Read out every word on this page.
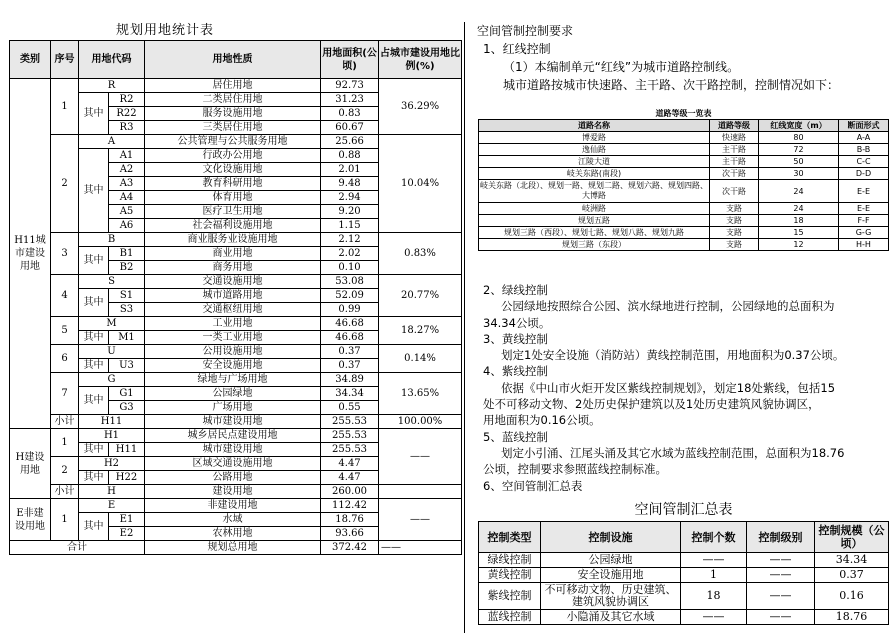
规划用地统计表						
类别	序号	用地代码		用地性质	用地面积(公顷)	占城市建设用地比例(%)
H11城市建设用地	1	R		居住用地	92.73	36.29%
		其中	R2	二类居住用地	31.23	
			R22	服务设施用地	0.83	
			R3	三类居住用地	60.67	
	2	A		公共管理与公共服务用地	25.66	10.04%
		其中	A1	行政办公用地	0.88	
			A2	文化设施用地	2.01	
			A3	教育科研用地	9.48	
			A4	体育用地	2.94	
			A5	医疗卫生用地	9.20	
			A6	社会福利设施用地	1.15	
	3	B		商业服务业设施用地	2.12	0.83%
		其中	B1	商业用地	2.02	
			B2	商务用地	0.10	
	4	S		交通设施用地	53.08	20.77%
		其中	S1	城市道路用地	52.09	
			S3	交通枢纽用地	0.99	
	5	M		工业用地	46.68	18.27%
		其中	M1	一类工业用地	46.68	
	6	U		公用设施用地	0.37	0.14%
		其中	U3	安全设施用地	0.37	
	7	G		绿地与广场用地	34.89	13.65%
		其中	G1	公园绿地	34.34	
			G3	广场用地	0.55	
	小计	H11		城市建设用地	255.53	100.00%
H建设用地	1	H1		城乡居民点建设用地	255.53	——
		其中	H11	城市建设用地	255.53	
	2	H2		区域交通设施用地	4.47	
		其中	H22	公路用地	4.47	
	小计	H		建设用地	260.00	
E非建设用地	1	E		非建设用地	112.42	——
		其中	E1	水域	18.76	
			E2	农林用地	93.66	
合计				规划总用地	372.42	——
空间管制控制要求
1、红线控制
（1）本编制单元“红线”为城市道路控制线。
城市道路按城市快速路、主干路、次干路控制，控制情况如下：
道路等级一览表			
道路名称	道路等级	红线宽度（m）	断面形式
博爱路	快速路	80	A-A
逸仙路	主干路	72	B-B
江陵大道	主干路	50	C-C
岐关东路(南段)	次干路	30	D-D
岐关东路（北段）、规划一路、规划二路、规划六路、规划四路、大博路	次干路	24	E-E
岐洲路	支路	24	E-E
规划五路	支路	18	F-F
规划三路（西段）、规划七路、规划八路、规划九路	支路	15	G-G
规划三路（东段）	支路	12	H-H
2、绿线控制
公园绿地按照综合公园、滨水绿地进行控制，公园绿地的总面积为
34.34公顷。
3、黄线控制
划定1处安全设施（消防站）黄线控制范围，用地面积为0.37公顷。
4、紫线控制
依据《中山市火炬开发区紫线控制规划》，划定18处紫线，包括15
处不可移动文物、2处历史保护建筑以及1处历史建筑风貌协调区，
用地面积为0.16公顷。
5、蓝线控制
划定小引涌、江尾头涌及其它水域为蓝线控制范围，总面积为18.76
公顷，控制要求参照蓝线控制标准。
6、空间管制汇总表
空间管制汇总表				
控制类型	控制设施	控制个数	控制级别	控制规模（公顷）
绿线控制	公园绿地	——	——	34.34
黄线控制	安全设施用地	1	——	0.37
紫线控制	不可移动文物、历史建筑、建筑风貌协调区	18	——	0.16
蓝线控制	小隐涌及其它水域	——	——	18.76
